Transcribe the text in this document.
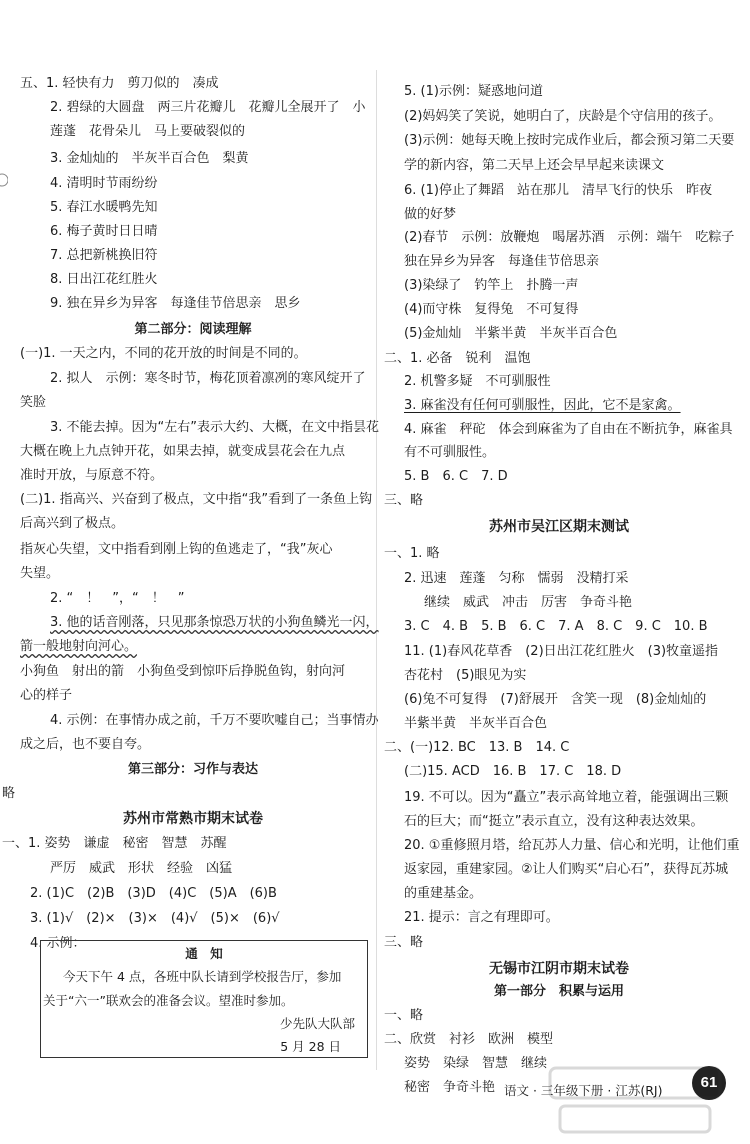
五、1. 轻快有力　剪刀似的　凑成
2. 碧绿的大圆盘　两三片花瓣儿　花瓣儿全展开了　小
莲蓬　花骨朵儿　马上要破裂似的
3. 金灿灿的　半灰半百合色　梨黄
4. 清明时节雨纷纷
5. 春江水暖鸭先知
6. 梅子黄时日日晴
7. 总把新桃换旧符
8. 日出江花红胜火
9. 独在异乡为异客　每逢佳节倍思亲　思乡
第二部分：阅读理解
(一)1. 一天之内，不同的花开放的时间是不同的。
2. 拟人　示例：寒冬时节，梅花顶着凛冽的寒风绽开了
笑脸
3. 不能去掉。因为“左右”表示大约、大概，在文中指昙花
大概在晚上九点钟开花，如果去掉，就变成昙花会在九点
准时开放，与原意不符。
(二)1. 指高兴、兴奋到了极点，文中指“我”看到了一条鱼上钩
后高兴到了极点。
指灰心失望，文中指看到刚上钩的鱼逃走了，“我”灰心
失望。
2. “　！　”，“　！　”
3. 他的话音刚落，只见那条惊恐万状的小狗鱼鳞光一闪，
箭一般地射向河心。
小狗鱼　射出的箭　小狗鱼受到惊吓后挣脱鱼钩，射向河
心的样子
4. 示例：在事情办成之前，千万不要吹嘘自己；当事情办
成之后，也不要自夸。
第三部分：习作与表达
略
苏州市常熟市期末试卷
一、1. 姿势　谦虚　秘密　智慧　苏醒
严厉　威武　形状　经验　凶猛
2. (1)C　(2)B　(3)D　(4)C　(5)A　(6)B
3. (1)√　(2)×　(3)×　(4)√　(5)×　(6)√
4. 示例：
通　知
今天下午 4 点，各班中队长请到学校报告厅，参加
关于“六一”联欢会的准备会议。望准时参加。
少先队大队部
5 月 28 日
5. (1)示例：疑惑地问道
(2)妈妈笑了笑说，她明白了，庆龄是个守信用的孩子。
(3)示例：她每天晚上按时完成作业后，都会预习第二天要
学的新内容，第二天早上还会早早起来读课文
6. (1)停止了舞蹈　站在那儿　清早飞行的快乐　昨夜
做的好梦
(2)春节　示例：放鞭炮　喝屠苏酒　示例：端午　吃粽子
独在异乡为异客　每逢佳节倍思亲
(3)染绿了　钓竿上　扑腾一声
(4)而守株　复得兔　不可复得
(5)金灿灿　半紫半黄　半灰半百合色
二、1. 必备　锐利　温饱
2. 机警多疑　不可驯服性
3. 麻雀没有任何可驯服性，因此，它不是家禽。
4. 麻雀　秤砣　体会到麻雀为了自由在不断抗争，麻雀具
有不可驯服性。
5. B　6. C　7. D
三、略
苏州市吴江区期末测试
一、1. 略
2. 迅速　莲蓬　匀称　懦弱　没精打采
继续　威武　冲击　厉害　争奇斗艳
3. C　4. B　5. B　6. C　7. A　8. C　9. C　10. B
11. (1)春风花草香　(2)日出江花红胜火　(3)牧童遥指
杏花村　(5)眼见为实
(6)兔不可复得　(7)舒展开　含笑一现　(8)金灿灿的
半紫半黄　半灰半百合色
二、(一)12. BC　13. B　14. C
(二)15. ACD　16. B　17. C　18. D
19. 不可以。因为“矗立”表示高耸地立着，能强调出三颗
石的巨大；而“挺立”表示直立，没有这种表达效果。
20. ①重修照月塔，给瓦苏人力量、信心和光明，让他们重
返家园，重建家园。②让人们购买“启心石”，获得瓦苏城
的重建基金。
21. 提示：言之有理即可。
三、略
无锡市江阴市期末试卷
第一部分　积累与运用
一、略
二、欣赏　衬衫　欧洲　模型
姿势　染绿　智慧　继续
秘密　争奇斗艳 语文 · 三年级下册 · 江苏(RJ)	61
